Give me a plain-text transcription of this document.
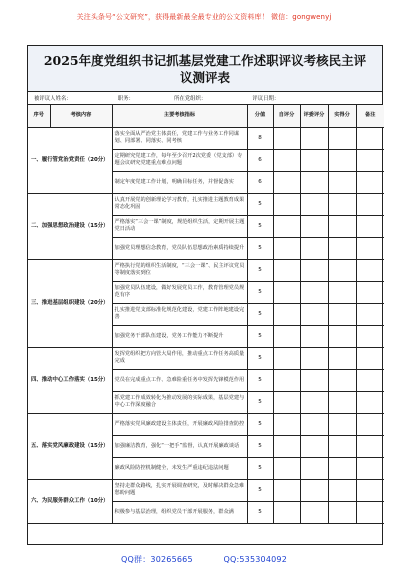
关注头条号“公文研究”，获得最新最全最专业的公文资料库！ 微信：gongwenyj
2025年度党组织书记抓基层党建工作述职评议考核民主评议测评表
被评议人姓名：	职务：	所在党组织：	评议日期：
序号	考核内容	主要考核指标	分值	自评分	评委评分	实得分	备注
一、履行管党治党责任（20分）		落实全面从严治党主体责任，党建工作与业务工作同谋划、同部署、同落实、同考核	8				
		定期研究党建工作，每年至少召开2次党委（党支部）专题会议研究党建重点难点问题	6				
		制定年度党建工作计划，明确目标任务，并督促落实	6				
二、加强思想政治建设（15分）		认真开展党的创新理论学习教育，扎实推进主题教育成果常态化巩固	5				
		严格落实“三会一课”制度，规范组织生活，定期开展主题党日活动	5				
		加强党员理想信念教育，党员队伍思想政治素质持续提升	5				
三、推进基层组织建设（20分）		严格执行党的组织生活制度，“三会一课”、民主评议党员等制度落实到位	5				
		加强党员队伍建设，做好发展党员工作，教育管理党员规范有序	5				
		扎实推进党支部标准化规范化建设，党建工作阵地建设完善	5				
		加强党务干部队伍建设，党务工作能力不断提升	5				
四、推动中心工作落实（15分）		发挥党组织把方向管大局作用，推动重点工作任务高质量完成	5				
		党员在完成重点工作、急难险重任务中发挥先锋模范作用	5				
		抓党建工作成效转化为推动发展的实际成果，基层党建与中心工作深度融合	5				
五、落实党风廉政建设（15分）		严格落实党风廉政建设主体责任，开展廉政风险排查防控	5				
		加强廉洁教育，强化“一把手”监督，认真开展廉政谈话	5				
		廉政风险防控机制健全，未发生严重违纪违法问题	5				
六、为民服务群众工作（10分）		坚持走群众路线，扎实开展调查研究，及时解决群众急难愁盼问题	5				
		积极参与基层治理，组织党员干部开展服务，群众满	5				
QQ群：30265665	QQ:535304092
